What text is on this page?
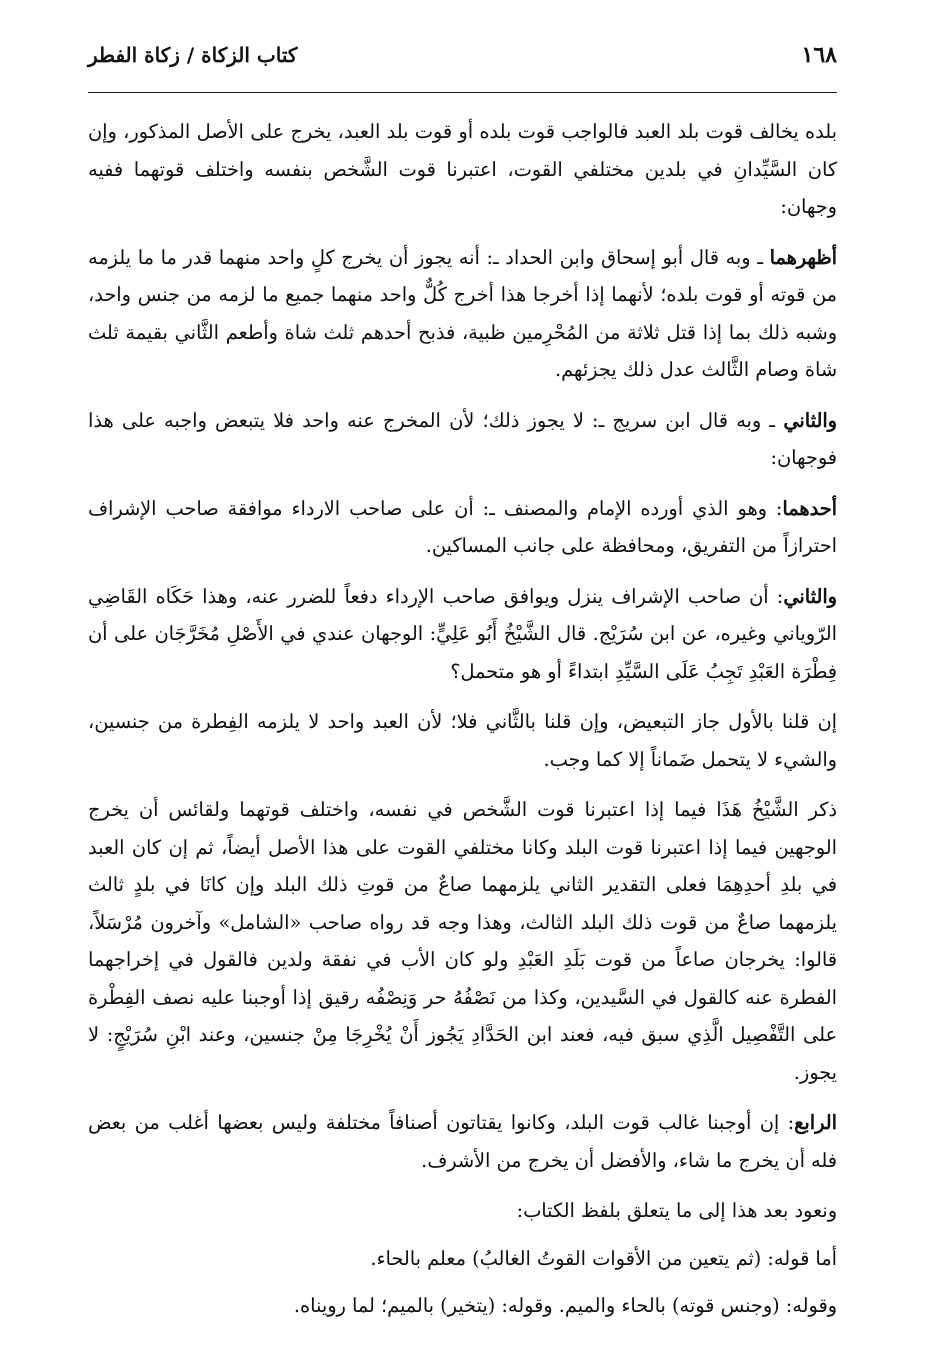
١٦٨
كتاب الزكاة / زكاة الفطر

بلده يخالف قوت بلد العبد فالواجب قوت بلده أو قوت بلد العبد، يخرج على الأصل المذكور، وإن كان السَّيِّدانِ في بلدين مختلفي القوت، اعتبرنا قوت الشَّخص بنفسه واختلف قوتهما ففيه وجهان:

أظهرهما ـ وبه قال أبو إسحاق وابن الحداد ـ: أنه يجوز أن يخرج كلٍ واحد منهما قدر ما ما يلزمه من قوته أو قوت بلده؛ لأنهما إذا أخرجا هذا أخرج كُلٌّ واحد منهما جميع ما لزمه من جنس واحد، وشبه ذلك بما إذا قتل ثلاثة من المُحْرِمين ظبية، فذبح أحدهم ثلث شاة وأطعم الثَّاني بقيمة ثلث شاة وصام الثَّالث عدل ذلك يجزئهم.

والثاني ـ وبه قال ابن سريج ـ: لا يجوز ذلك؛ لأن المخرج عنه واحد فلا يتبعض واجبه على هذا فوجهان:

أحدهما: وهو الذي أورده الإمام والمصنف ـ: أن على صاحب الارداء موافقة صاحب الإشراف احترازاً من التفريق، ومحافظة على جانب المساكين.

والثاني: أن صاحب الإشراف ينزل ويوافق صاحب الإرداء دفعاً للضرر عنه، وهذا حَكَاه القَاضِي الرّوياني وغيره، عن ابن سُرَيْج. قال الشَّيْخُ أَبُو عَلِيٍّ: الوجهان عندي في الأَصْلِ مُخَرَّجَان على أن فِطْرَة العَبْدِ تَجِبُ عَلَى السَّيِّدِ ابتداءً أو هو متحمل؟

إن قلنا بالأول جاز التبعيض، وإن قلنا بالثَّاني فلا؛ لأن العبد واحد لا يلزمه الفِطرة من جنسين، والشيء لا يتحمل ضَماناً إلا كما وجب.

ذكر الشَّيْخُ هَذَا فيما إذا اعتبرنا قوت الشَّخص في نفسه، واختلف قوتهما ولقائس أن يخرج الوجهين فيما إذا اعتبرنا قوت البلد وكانا مختلفي القوت على هذا الأصل أيضاً، ثم إن كان العبد في بلدِ أحدِهِمَا فعلى التقدير الثاني يلزمهما صاعٌ من قوتِ ذلك البلد وإن كانَا في بلدٍ ثالث يلزمهما صاعٌ من قوت ذلك البلد الثالث، وهذا وجه قد رواه صاحب «الشامل» وآخرون مُرْسَلاً، قالوا: يخرجان صاعاً من قوت بَلَدِ العَبْدِ ولو كان الأب في نفقة ولدين فالقول في إخراجهما الفطرة عنه كالقول في السَّيدين، وكذا من نَصْفُهُ حر وَنِصْفُه رقيق إذا أوجبنا عليه نصف الفِطْرة على التَّفْصِيل الَّذِي سبق فيه، فعند ابن الحَدَّادِ يَجُوز أَنْ يُخْرِجَا مِنْ جنسين، وعند ابْنِ سُرَيْجٍ: لا يجوز.

الرابع: إن أوجبنا غالب قوت البلد، وكانوا يقتاتون أصنافاً مختلفة وليس بعضها أغلب من بعض فله أن يخرج ما شاء، والأفضل أن يخرج من الأشرف.

ونعود بعد هذا إلى ما يتعلق بلفظ الكتاب:

أما قوله: (ثم يتعين من الأقوات القوتُ الغالبُ) معلم بالحاء.

وقوله: (وجنس قوته) بالحاء والميم. وقوله: (يتخير) بالميم؛ لما رويناه.
